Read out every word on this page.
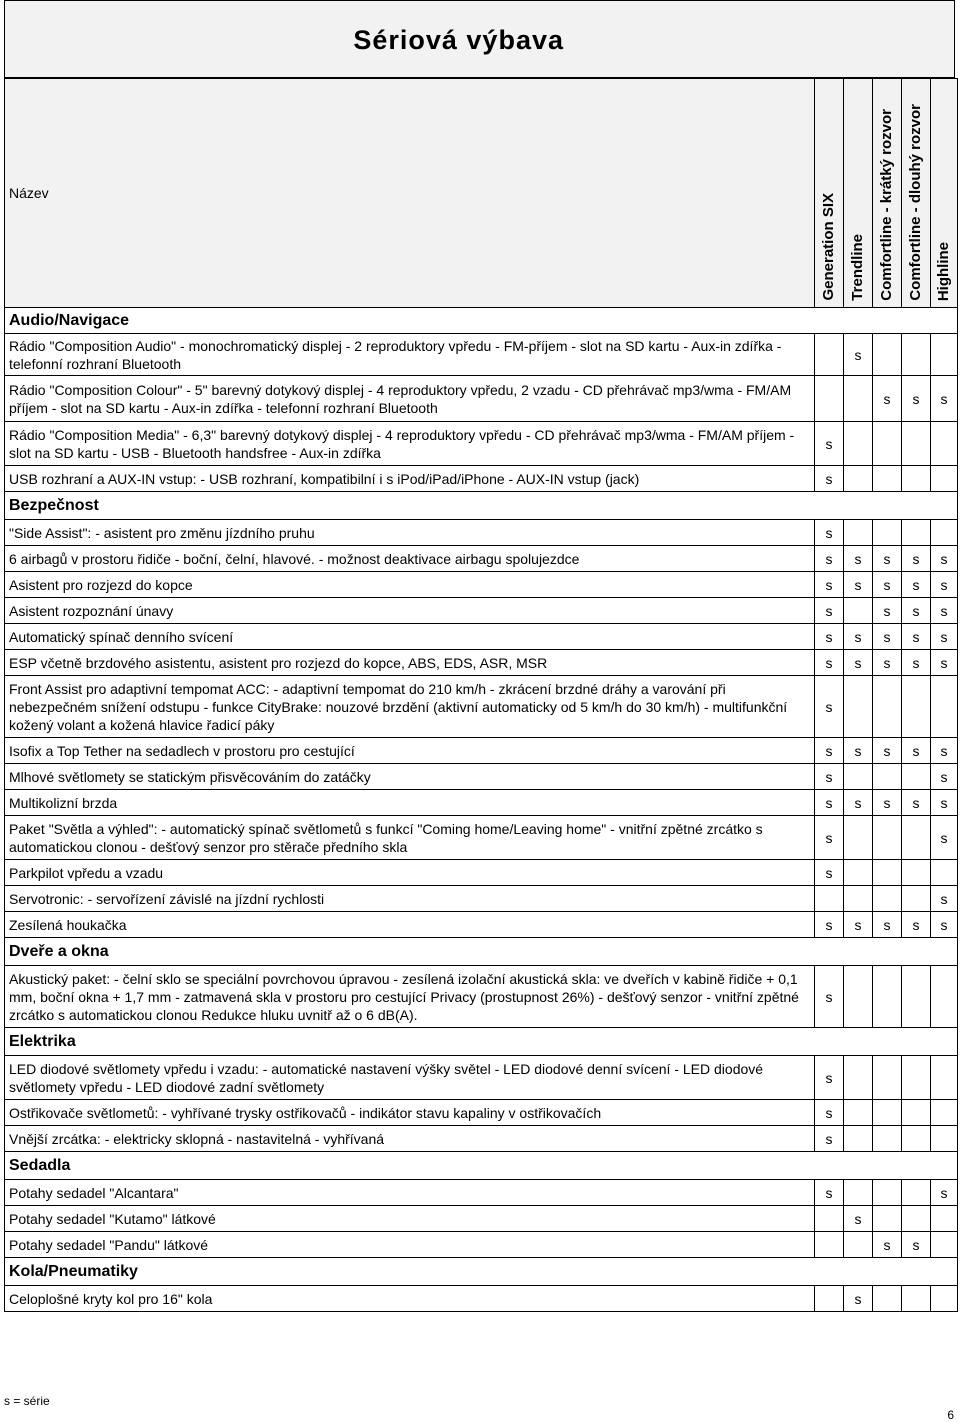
Sériová výbava
Název	Generation SIX	Trendline	Comfortline - krátký rozvor	Comfortline - dlouhý rozvor	Highline

Audio/Navigace					
Rádio "Composition Audio" - monochromatický displej - 2 reproduktory vpředu - FM-příjem - slot na SD kartu - Aux-in zdířka - telefonní rozhraní Bluetooth		s			
Rádio "Composition Colour" - 5" barevný dotykový displej - 4 reproduktory vpředu, 2 vzadu - CD přehrávač mp3/wma - FM/AM příjem - slot na SD kartu - Aux-in zdířka - telefonní rozhraní Bluetooth			s	s	s
Rádio "Composition Media" - 6,3" barevný dotykový displej - 4 reproduktory vpředu - CD přehrávač mp3/wma - FM/AM příjem - slot na SD kartu - USB - Bluetooth handsfree - Aux-in zdířka	s				
USB rozhraní a AUX-IN vstup: - USB rozhraní, kompatibilní i s iPod/iPad/iPhone - AUX-IN vstup (jack)	s				
Bezpečnost					
"Side Assist": - asistent pro změnu jízdního pruhu	s				
6 airbagů v prostoru řidiče - boční, čelní, hlavové. - možnost deaktivace airbagu spolujezdce	s	s	s	s	s
Asistent pro rozjezd do kopce	s	s	s	s	s
Asistent rozpoznání únavy	s		s	s	s
Automatický spínač denního svícení	s	s	s	s	s
ESP včetně brzdového asistentu, asistent pro rozjezd do kopce, ABS, EDS, ASR, MSR	s	s	s	s	s
Front Assist pro adaptivní tempomat ACC: - adaptivní tempomat do 210 km/h - zkrácení brzdné dráhy a varování při nebezpečném snížení odstupu - funkce CityBrake: nouzové brzdění (aktivní automaticky od 5 km/h do 30 km/h) - multifunkční kožený volant a kožená hlavice řadicí páky	s				
Isofix a Top Tether na sedadlech v prostoru pro cestující	s	s	s	s	s
Mlhové světlomety se statickým přisvěcováním do zatáčky	s				s
Multikolizní brzda	s	s	s	s	s
Paket "Světla a výhled": - automatický spínač světlometů s funkcí "Coming home/Leaving home" - vnitřní zpětné zrcátko s automatickou clonou - dešťový senzor pro stěrače předního skla	s				s
Parkpilot vpředu a vzadu	s				
Servotronic: - servořízení závislé na jízdní rychlosti					s
Zesílená houkačka	s	s	s	s	s
Dveře a okna					
Akustický paket: - čelní sklo se speciální povrchovou úpravou - zesílená izolační akustická skla: ve dveřích v kabině řidiče + 0,1 mm, boční okna + 1,7 mm - zatmavená skla v prostoru pro cestující Privacy (prostupnost 26%) - dešťový senzor - vnitřní zpětné zrcátko s automatickou clonou Redukce hluku uvnitř až o 6 dB(A).	s				
Elektrika					
LED diodové světlomety vpředu i vzadu: - automatické nastavení výšky světel - LED diodové denní svícení - LED diodové světlomety vpředu - LED diodové zadní světlomety	s				
Ostřikovače světlometů: - vyhřívané trysky ostřikovačů - indikátor stavu kapaliny v ostřikovačích	s				
Vnější zrcátka: - elektricky sklopná - nastavitelná - vyhřívaná	s				
Sedadla					
Potahy sedadel "Alcantara"	s				s
Potahy sedadel "Kutamo" látkové		s			
Potahy sedadel "Pandu" látkové			s	s	
Kola/Pneumatiky					
Celoplošné kryty kol pro 16" kola		s			
s = série
6
